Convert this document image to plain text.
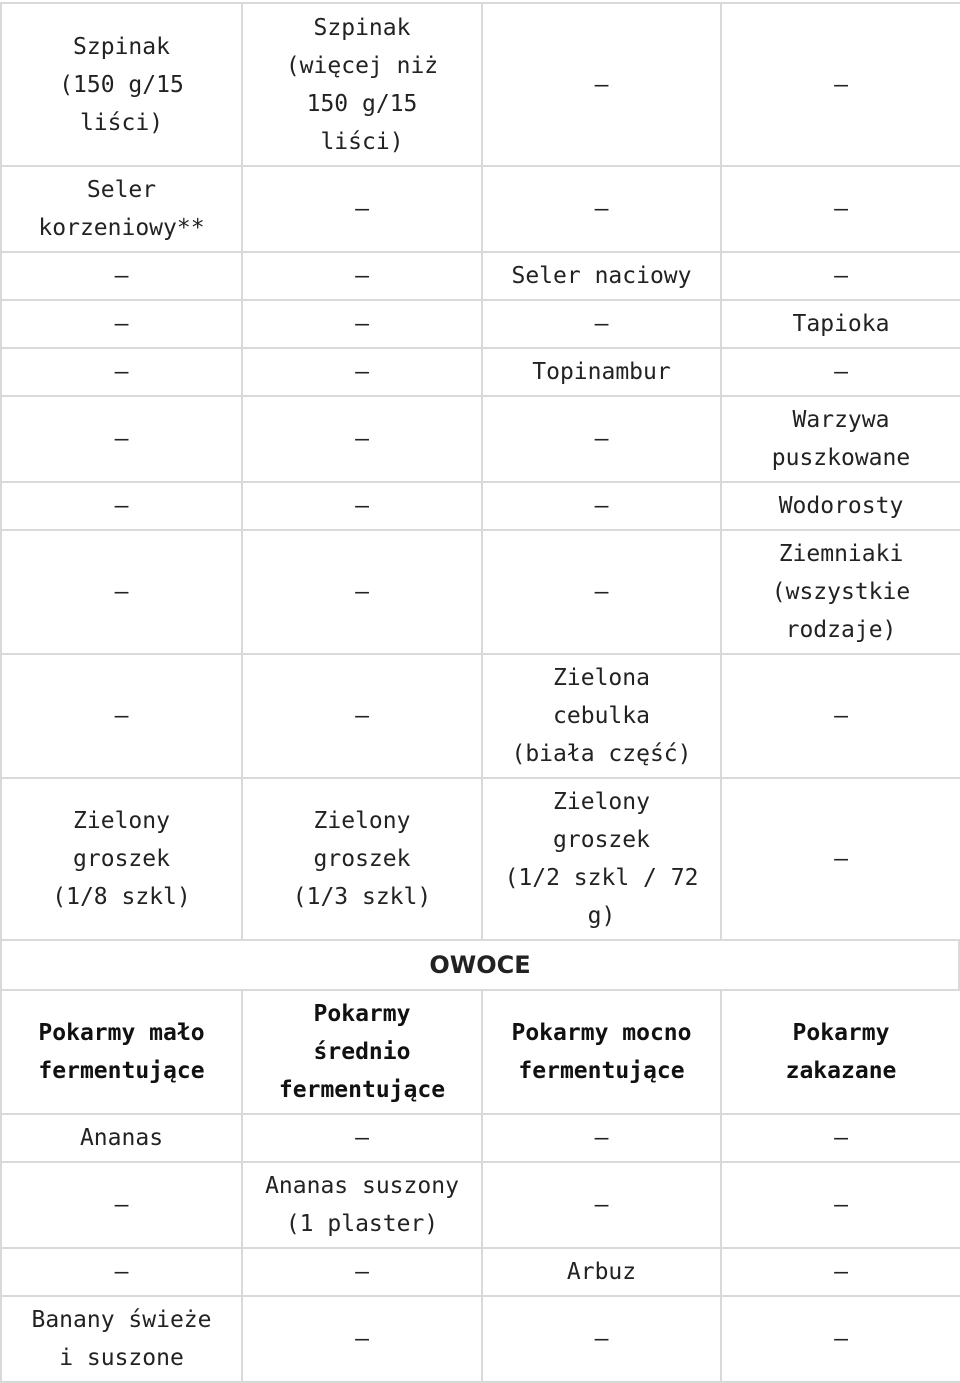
Szpinak
(150 g/15
liści)	Szpinak
(więcej niż
150 g/15
liści)	—	—
Seler
korzeniowy**	—	—	—
—	—	Seler naciowy	—
—	—	—	Tapioka
—	—	Topinambur	—
—	—	—	Warzywa
puszkowane
—	—	—	Wodorosty
—	—	—	Ziemniaki
(wszystkie
rodzaje)
—	—	Zielona
cebulka
(biała część)	—
Zielony
groszek
(1/8 szkl)	Zielony
groszek
(1/3 szkl)	Zielony
groszek
(1/2 szkl / 72
g)	—
OWOCE
Pokarmy mało
fermentujące	Pokarmy
średnio
fermentujące	Pokarmy mocno
fermentujące	Pokarmy
zakazane
Ananas	—	—	–
—	Ananas suszony
(1 plaster)	—	—
—	—	Arbuz	–
Banany świeże
i suszone	—	—	—
